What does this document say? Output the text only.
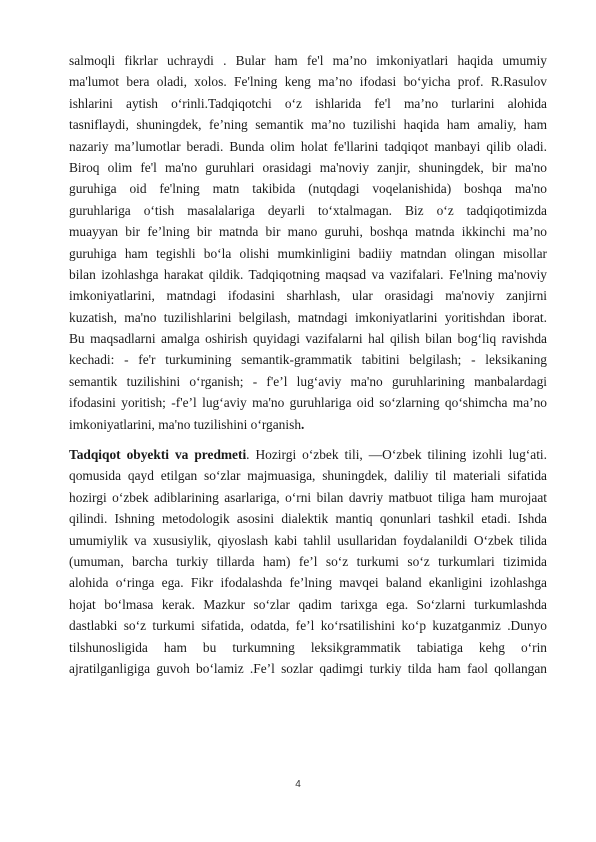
salmoqli fikrlar uchraydi . Bular ham fe'l ma’no imkoniyatlari haqida umumiy
ma'lumot bera oladi, xolos. Fe'lning keng ma’no ifodasi bo‘yicha prof. R.Rasulov
ishlarini aytish o‘rinli.Tadqiqotchi o‘z ishlarida fe'l ma’no turlarini alohida
tasniflaydi, shuningdek, fe’ning semantik ma’no tuzilishi haqida ham amaliy, ham
nazariy ma’lumotlar beradi. Bunda olim holat fe'llarini tadqiqot manbayi qilib oladi.
Biroq olim fe'l ma'no guruhlari orasidagi ma'noviy zanjir, shuningdek, bir ma'no
guruhiga oid fe'lning matn takibida (nutqdagi voqelanishida) boshqa ma'no
guruhlariga o‘tish masalalariga deyarli to‘xtalmagan. Biz o‘z tadqiqotimizda
muayyan bir fe’lning bir matnda bir mano guruhi, boshqa matnda ikkinchi ma’no
guruhiga ham tegishli bo‘la olishi mumkinligini badiiy matndan olingan misollar
bilan izohlashga harakat qildik. Tadqiqotning maqsad va vazifalari. Fe'lning ma'noviy
imkoniyatlarini, matndagi ifodasini sharhlash, ular orasidagi ma'noviy zanjirni
kuzatish, ma'no tuzilishlarini belgilash, matndagi imkoniyatlarini yoritishdan iborat.
Bu maqsadlarni amalga oshirish quyidagi vazifalarni hal qilish bilan bog‘liq ravishda
kechadi: - fe'r turkumining semantik-grammatik tabitini belgilash; - leksikaning
semantik tuzilishini o‘rganish; - f'e’l lug‘aviy ma'no guruhlarining manbalardagi
ifodasini yoritish; -f'e’l lug‘aviy ma'no guruhlariga oid so‘zlarning qo‘shimcha ma’no
imkoniyatlarini, ma'no tuzilishini o‘rganish.
Tadqiqot obyekti va predmeti. Hozirgi o‘zbek tili, —O‘zbek tilining izohli lug‘ati.
qomusida qayd etilgan so‘zlar majmuasiga, shuningdek, daliliy til materiali sifatida
hozirgi o‘zbek adiblarining asarlariga, o‘rni bilan davriy matbuot tiliga ham murojaat
qilindi. Ishning metodologik asosini dialektik mantiq qonunlari tashkil etadi. Ishda
umumiylik va xususiylik, qiyoslash kabi tahlil usullaridan foydalanildi O‘zbek tilida
(umuman, barcha turkiy tillarda ham) fe’l so‘z turkumi so‘z turkumlari tizimida
alohida o‘ringa ega. Fikr ifodalashda fe’lning mavqei baland ekanligini izohlashga
hojat bo‘lmasa kerak. Mazkur so‘zlar qadim tarixga ega. So‘zlarni turkumlashda
dastlabki so‘z turkumi sifatida, odatda, fe’l ko‘rsatilishini ko‘p kuzatganmiz .Dunyo
tilshunosligida ham bu turkumning leksikgrammatik tabiatiga kehg o‘rin
ajratilganligiga guvoh bo‘lamiz .Fe’l sozlar qadimgi turkiy tilda ham faol qollangan
4
